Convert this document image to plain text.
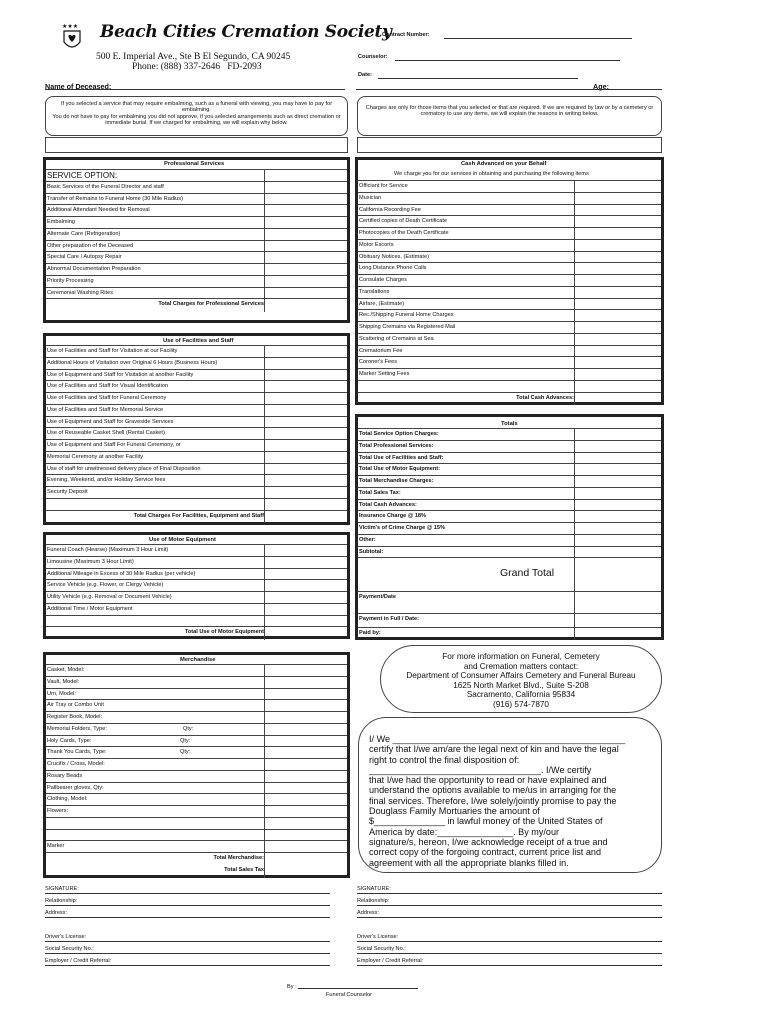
★★★ Beach Cities Cremation Society
500 E. Imperial Ave., Ste B El Segundo, CA 90245
Phone: (888) 337-2646 FD-2093
Contract Number:
Counselor:
Date:
Name of Deceased:	Age:
If you selected a service that may require embalming, such as a funeral with viewing, you may have to pay for embalming.
You do not have to pay for embalming you did not approve, if you selected arrangements such as direct cremation or immediate burial. If we charged for embalming, we will explain why below.
Charges are only for those items that you selected or that are required. If we are required by law or by a cemetery or crematory to use any items, we will explain the reasons in writing below.
Professional Services
SERVICE OPTION:
Basic Services of the Funeral Director and staff
Transfer of Remains to Funeral Home (30 Mile Radius)
Additional Attendant Needed for Removal
Embalming
Alternate Care (Refrigeration)
Other preparation of the Deceased
Special Care / Autopsy Repair
Abnormal Documentation Preparation
Priority Processing
Ceremonial Washing Rites
Total Charges for Professional Services
Use of Facilities and Staff
Use of Facilities and Staff for Visitation at our Facility
Additional Hours of Visitation over Original 6 Hours (Business Hours)
Use of Equipment and Staff for Visitation at another Facility
Use of Facilities and Staff for Visual Identification
Use of Facilities and Staff for Funeral Ceremony
Use of Facilities and Staff for Memorial Service
Use of Equipment and Staff for Graveside Services
Use of Reuseable Casket Shell (Rental Casket)
Use of Equipment and Staff For Funeral Ceremony, or
Memorial Ceremony at another Facility
Use of staff for unwitnessed delivery place of Final Disposition
Evening, Weekend, and/or Holiday Service fees
Security Deposit
Total Charges For Facilities, Equipment and Staff
Use of Motor Equipment
Funeral Coach (Hearse) (Maximum 3 Hour Limit)
Limousine (Maximum 3 Hour Limit)
Additional Mileage in Excess of 30 Mile Radius (per vehicle)
Service Vehicle (e.g. Flower, or Clergy Vehicle)
Utility Vehicle (e.g. Removal or Document Vehicle)
Additional Time / Motor Equipment
Total Use of Motor Equipment
Merchandise
Casket, Model:
Vault, Model:
Urn, Model:
Air Tray or Combo Unit
Register Book, Model:
Memorial Folders, Type:	Qty:
Holy Cards, Type:	Qty:
Thank You Cards, Type:	Qty:
Crucifix / Cross, Model:
Rosary Beads
Pallbearer gloves, Qty:
Clothing, Model:
Flowers:
Marker
Total Merchandise:
Total Sales Tax
Cash Advanced on your Behalf
We charge you for our services in obtaining and purchasing the following items
Officiant for Service
Musician
California Recording Fee
Certified copies of Death Certificate
Photocopies of the Death Certificate
Motor Escorts
Obituary Notices, (Estimate)
Long Distance Phone Calls
Consulate Charges
Translations
Airfare, (Estimate)
Rec./Shipping Funeral Home Charges
Shipping Cremains via Registered Mail
Scattering of Cremains at Sea
Crematorium Fee
Coroner's Fees
Marker Setting Fees
Total Cash Advances:
Totals
Total Service Option Charges:
Total Professional Services:
Total Use of Facilities and Staff:
Total Use of Motor Equipment:
Total Merchandise Charges:
Total Sales Tax:
Total Cash Advances:
Insurance Charge @ 18%
Victim's of Crime Charge @ 15%
Other:
Subtotal:
Grand Total
Payment/Date
Payment in Full / Date:
Paid by:
For more information on Funeral, Cemetery
and Cremation matters contact:
Department of Consumer Affairs Cemetery and Funeral Bureau
1625 North Market Blvd., Suite S-208
Sacramento, California 95834
(916) 574-7870
I/ We ______________________________________________
certify that I/we am/are the legal next of kin and have the legal
right to control the final disposition of:
__________________________________. I/We certify
that I/we had the opportunity to read or have explained and
understand the options available to me/us in arranging for the
final services. Therefore, I/we solely/jointly promise to pay the
Douglass Family Mortuaries the amount of
$______________ in lawful money of the United States of
America by date:_______________. By my/our
signature/s, hereon, I/we acknowledge receipt of a true and
correct copy of the forgoing contract, current price list and
agreement with all the appropriate blanks filled in.
SIGNATURE:
Relationship:
Address:
Driver's License:
Social Security No.:
Employer / Credit Referral:
SIGNATURE:
Relationship:
Address:
Driver's License:
Social Security No.:
Employer / Credit Referral:
By :
Funeral Counselor
